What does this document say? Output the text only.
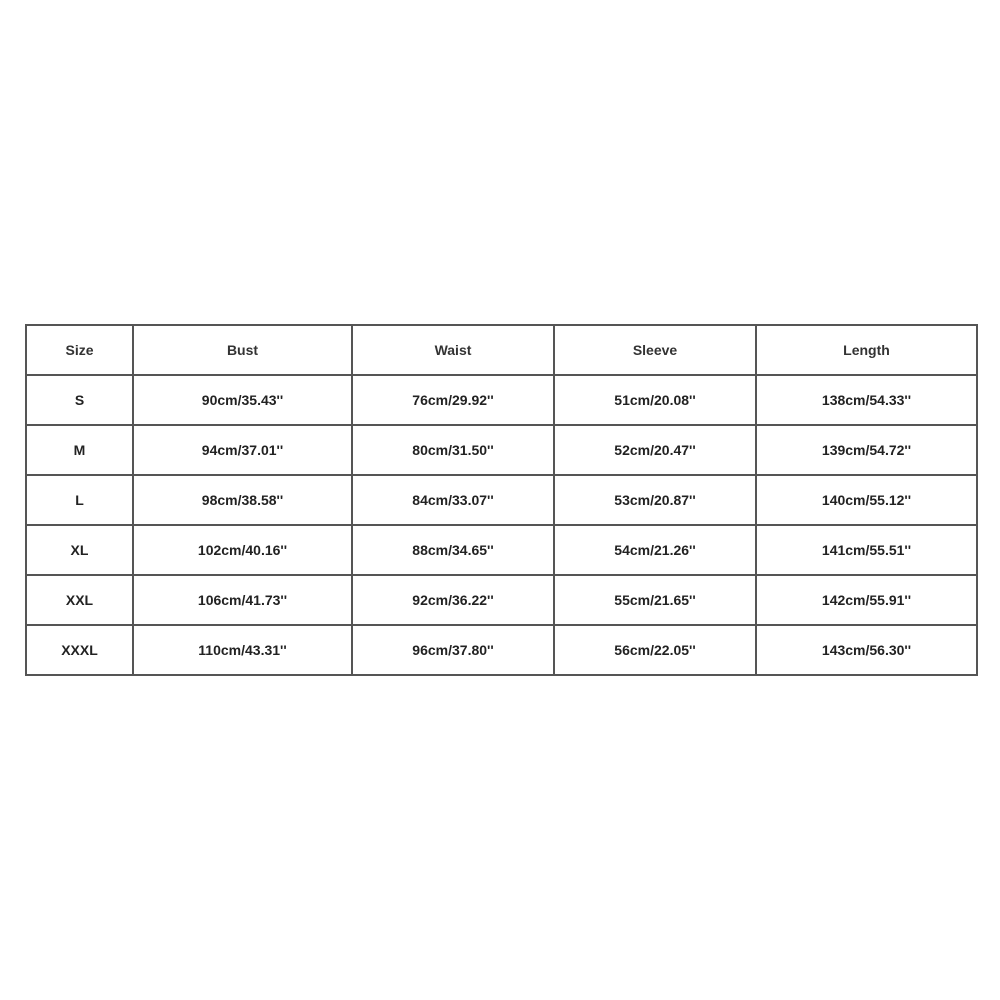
Size	Bust	Waist	Sleeve	Length
S	90cm/35.43''	76cm/29.92''	51cm/20.08''	138cm/54.33''
M	94cm/37.01''	80cm/31.50''	52cm/20.47''	139cm/54.72''
L	98cm/38.58''	84cm/33.07''	53cm/20.87''	140cm/55.12''
XL	102cm/40.16''	88cm/34.65''	54cm/21.26''	141cm/55.51''
XXL	106cm/41.73''	92cm/36.22''	55cm/21.65''	142cm/55.91''
XXXL	110cm/43.31''	96cm/37.80''	56cm/22.05''	143cm/56.30''
